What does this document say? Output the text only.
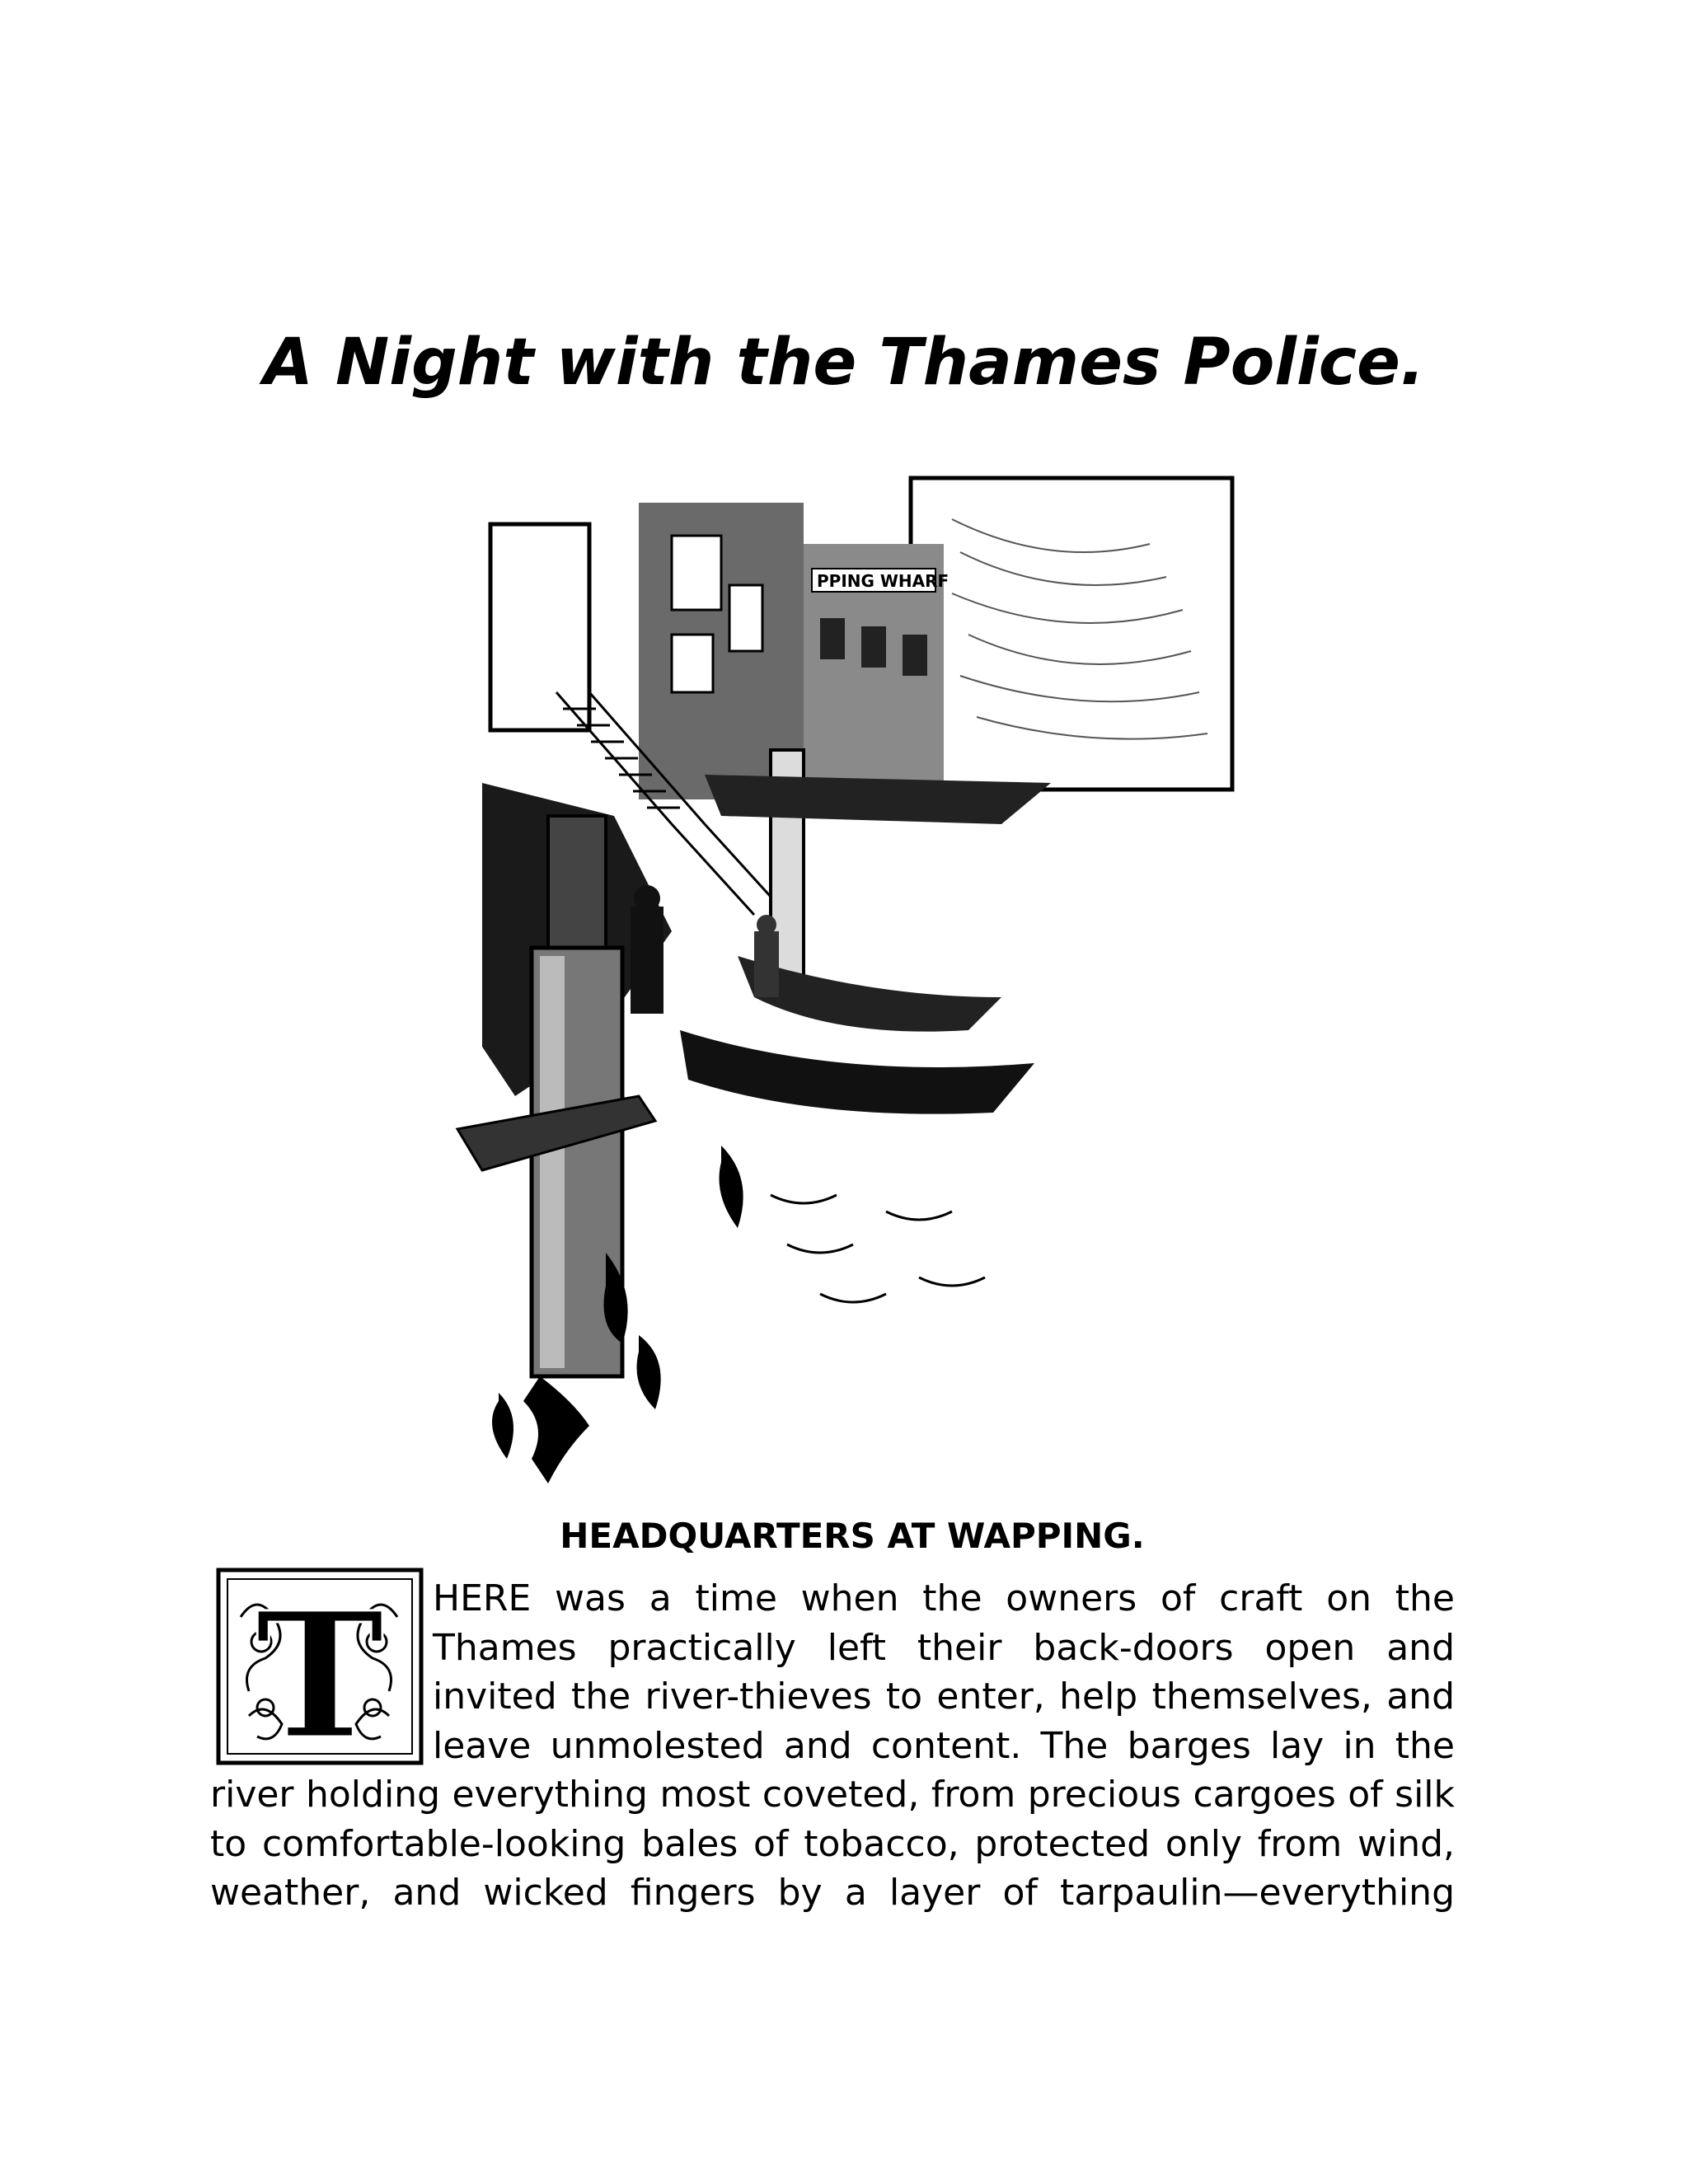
A Night with the Thames Police.
PPING WHARF
HEADQUARTERS AT WAPPING.
T	HERE was a time when the owners of craft on the Thames practically left their back-doors open and invited the river-thieves to enter, help themselves, and leave unmolested and content. The barges lay in the river holding everything most coveted, from precious cargoes of silk to comfortable-looking bales of tobacco, protected only from wind, weather, and wicked fingers by a layer of tarpaulin—everything
